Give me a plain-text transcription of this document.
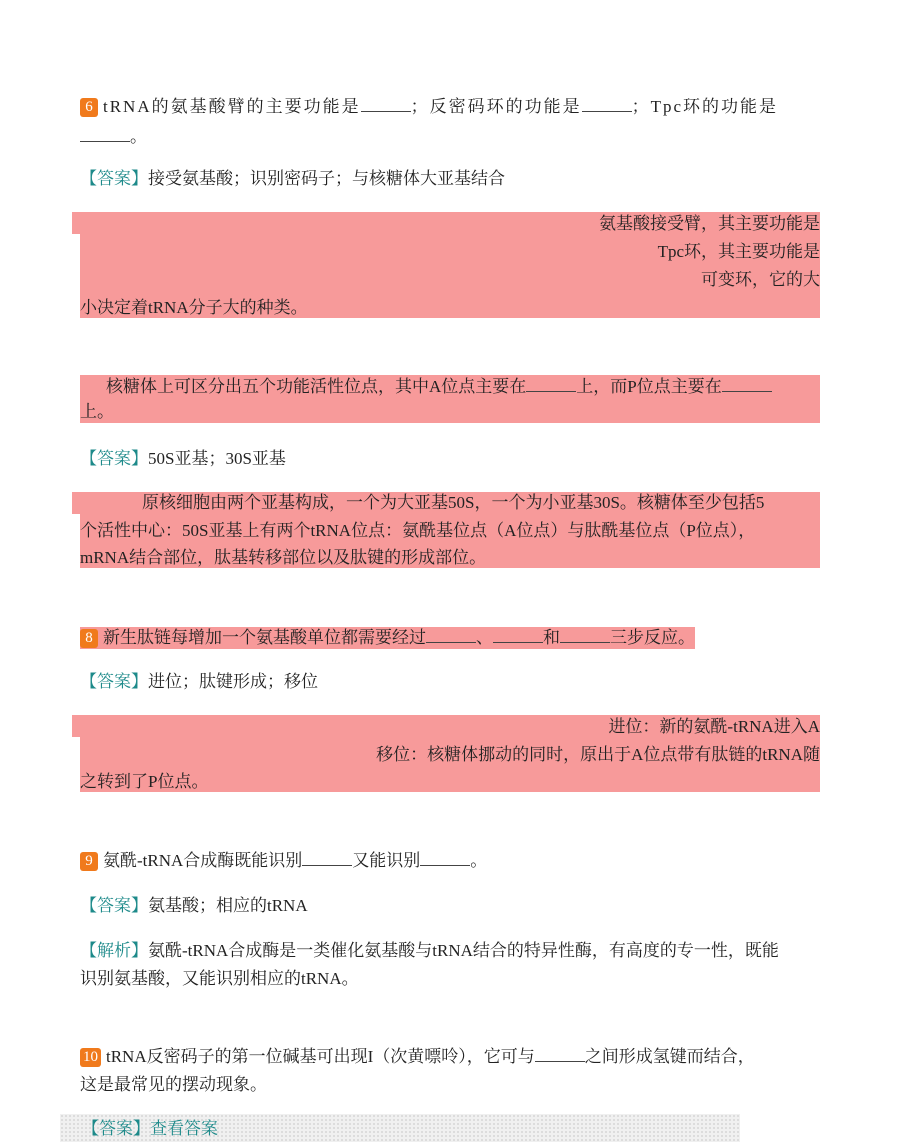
6 tRNA的氨基酸臂的主要功能是	；反密码环的功能是	；Tpc环的功能是
。
【答案】接受氨基酸；识别密码子；与核糖体大亚基结合
氨基酸接受臂，其主要功能是
Tpc环，其主要功能是
可变环，它的大
小决定着tRNA分子大的种类。
核糖体上可区分出五个功能活性位点，其中A位点主要在	上，而P位点主要在
上。
【答案】50S亚基；30S亚基
原核细胞由两个亚基构成，一个为大亚基50S，一个为小亚基30S。核糖体至少包括5
个活性中心：50S亚基上有两个tRNA位点：氨酰基位点（A位点）与肽酰基位点（P位点），
mRNA结合部位，肽基转移部位以及肽键的形成部位。
8 新生肽链每增加一个氨基酸单位都需要经过	、	和	三步反应。
【答案】进位；肽键形成；移位
进位：新的氨酰-tRNA进入A
移位：核糖体挪动的同时，原出于A位点带有肽链的tRNA随
之转到了P位点。
9 氨酰-tRNA合成酶既能识别	又能识别	。
【答案】氨基酸；相应的tRNA
【解析】氨酰-tRNA合成酶是一类催化氨基酸与tRNA结合的特异性酶，有高度的专一性，既能
识别氨基酸，又能识别相应的tRNA。
10 tRNA反密码子的第一位碱基可出现I（次黄嘌呤），它可与	之间形成氢键而结合，
这是最常见的摆动现象。
【答案】查看答案
